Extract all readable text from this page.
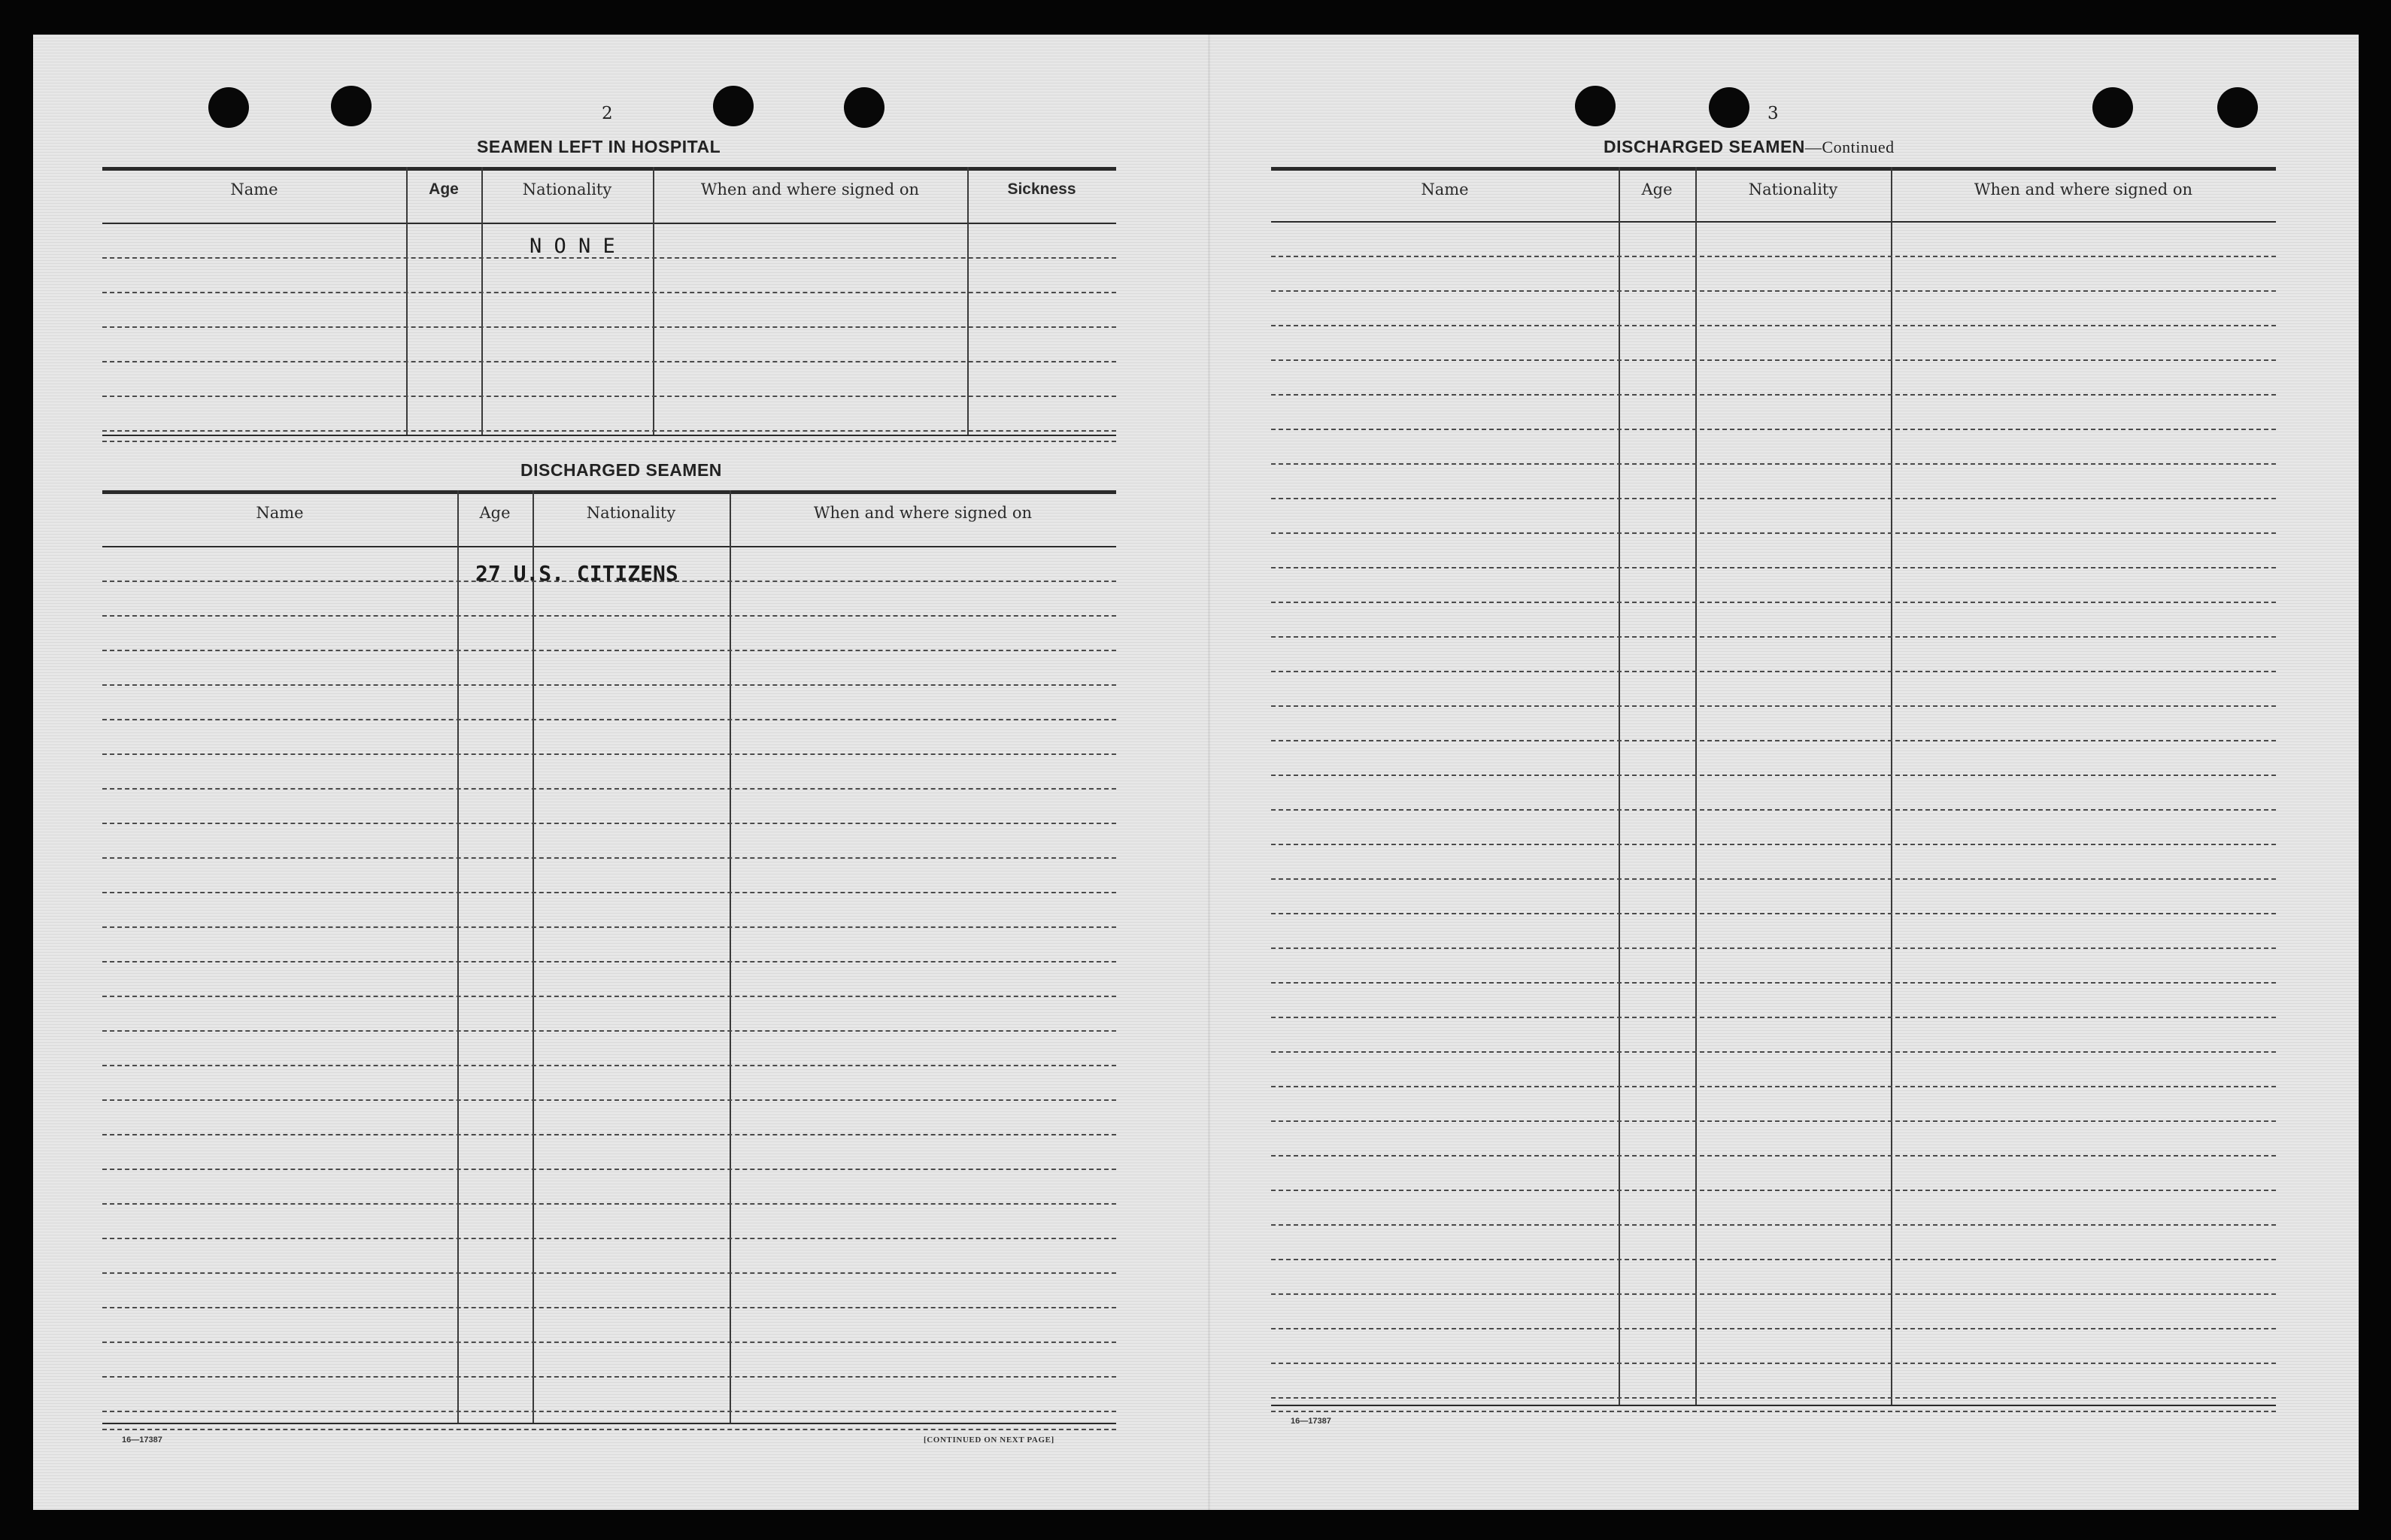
2
SEAMEN LEFT IN HOSPITAL
Name	Age	Nationality	When and where signed on	Sickness
N O N E
DISCHARGED SEAMEN
Name	Age	Nationality	When and where signed on
27 U.S. CITIZENS
16—17387	[CONTINUED ON NEXT PAGE]
3
DISCHARGED SEAMEN—Continued
Name	Age	Nationality	When and where signed on
16—17387
